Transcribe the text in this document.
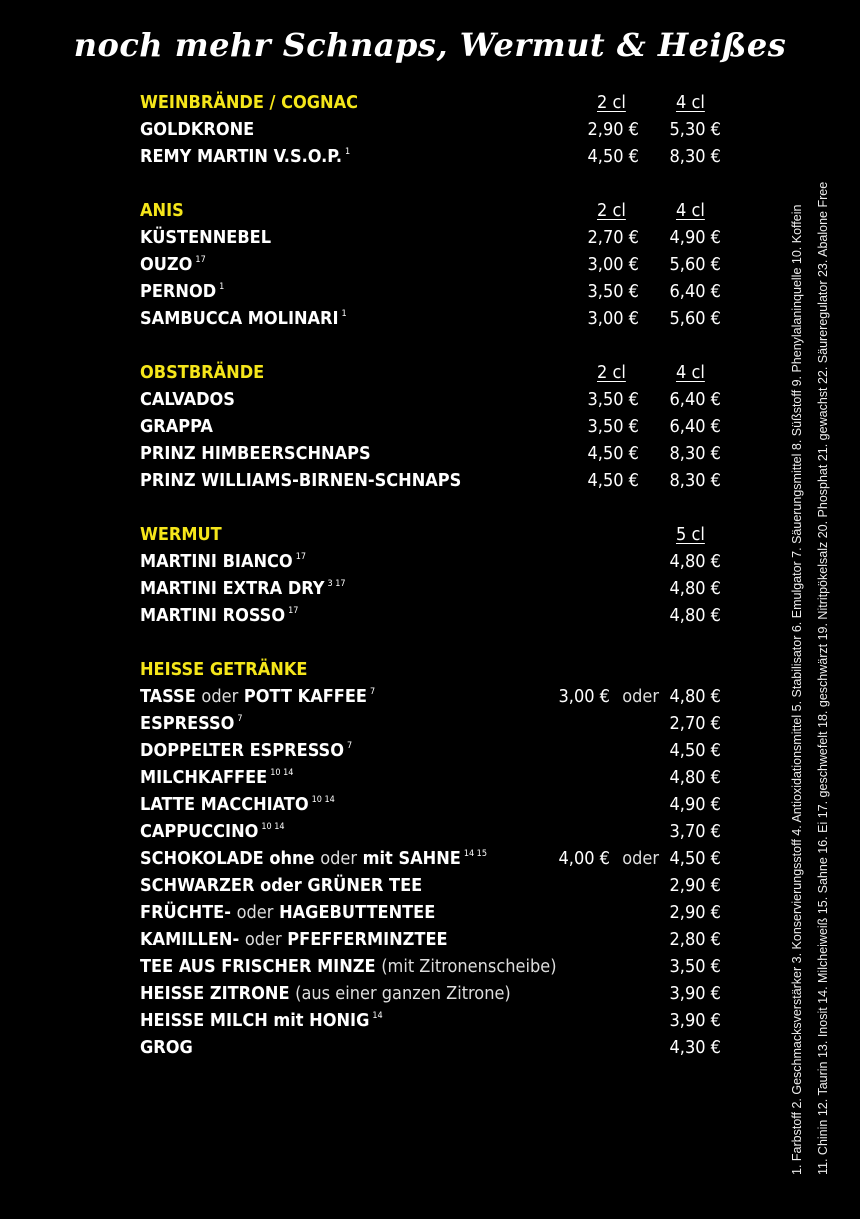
noch mehr Schnaps, Wermut & Heißes
WEINBRÄNDE / COGNAC	2 cl	4 cl
GOLDKRONE	2,90 € 5,30 €
REMY MARTIN V.S.O.P. $^1$	4,50 € 8,30 €
ANIS	2 cl	4 cl
KÜSTENNEBEL	2,70 € 4,90 €
OUZO $^{17}$	3,00 € 5,60 €
PERNOD $^1$	3,50 € 6,40 €
SAMBUCCA MOLINARI $^1$	3,00 € 5,60 €
OBSTBRÄNDE	2 cl	4 cl
CALVADOS	3,50 € 6,40 €
GRAPPA	3,50 € 6,40 €
PRINZ HIMBEERSCHNAPS	4,50 € 8,30 €
PRINZ WILLIAMS-BIRNEN-SCHNAPS	4,50 € 8,30 €
WERMUT	5 cl
MARTINI BIANCO $^{17}$	4,80 €
MARTINI EXTRA DRY $^{3 17}$	4,80 €
MARTINI ROSSO $^{17}$	4,80 €
HEISSE GETRÄNKE
TASSE oder POTT KAFFEE $^7$	3,00 € oder 4,80 €
ESPRESSO $^7$	2,70 €
DOPPELTER ESPRESSO $^7$	4,50 €
MILCHKAFFEE $^{10 14}$	4,80 €
LATTE MACCHIATO $^{10 14}$	4,90 €
CAPPUCCINO $^{10 14}$	3,70 €
SCHOKOLADE ohne oder mit SAHNE $^{14 15}$	4,00 € oder 4,50 €
SCHWARZER oder GRÜNER TEE	2,90 €
FRÜCHTE- oder HAGEBUTTENTEE	2,90 €
KAMILLEN- oder PFEFFERMINZTEE	2,80 €
TEE AUS FRISCHER MINZE (mit Zitronenscheibe)	3,50 €
HEISSE ZITRONE (aus einer ganzen Zitrone)	3,90 €
HEISSE MILCH mit HONIG $^{14}$	3,90 €
GROG	4,30 €	1. Farbstoff 2. Geschmacksverstärker 3. Konservierungsstoff 4. Antioxidationsmittel 5. Stabilisator 6. Emulgator 7. Säuerungsmittel 8. Süßstoff 9. Phenylalaninquelle 10. Koffein 11. Chinin 12. Taurin 13. Inosit 14. Milcheiweiß 15. Sahne 16. Ei 17. geschwefelt 18. geschwärzt 19. Nitritpökelsalz 20. Phosphat 21. gewachst 22. Säureregulator 23. Abalone Free
